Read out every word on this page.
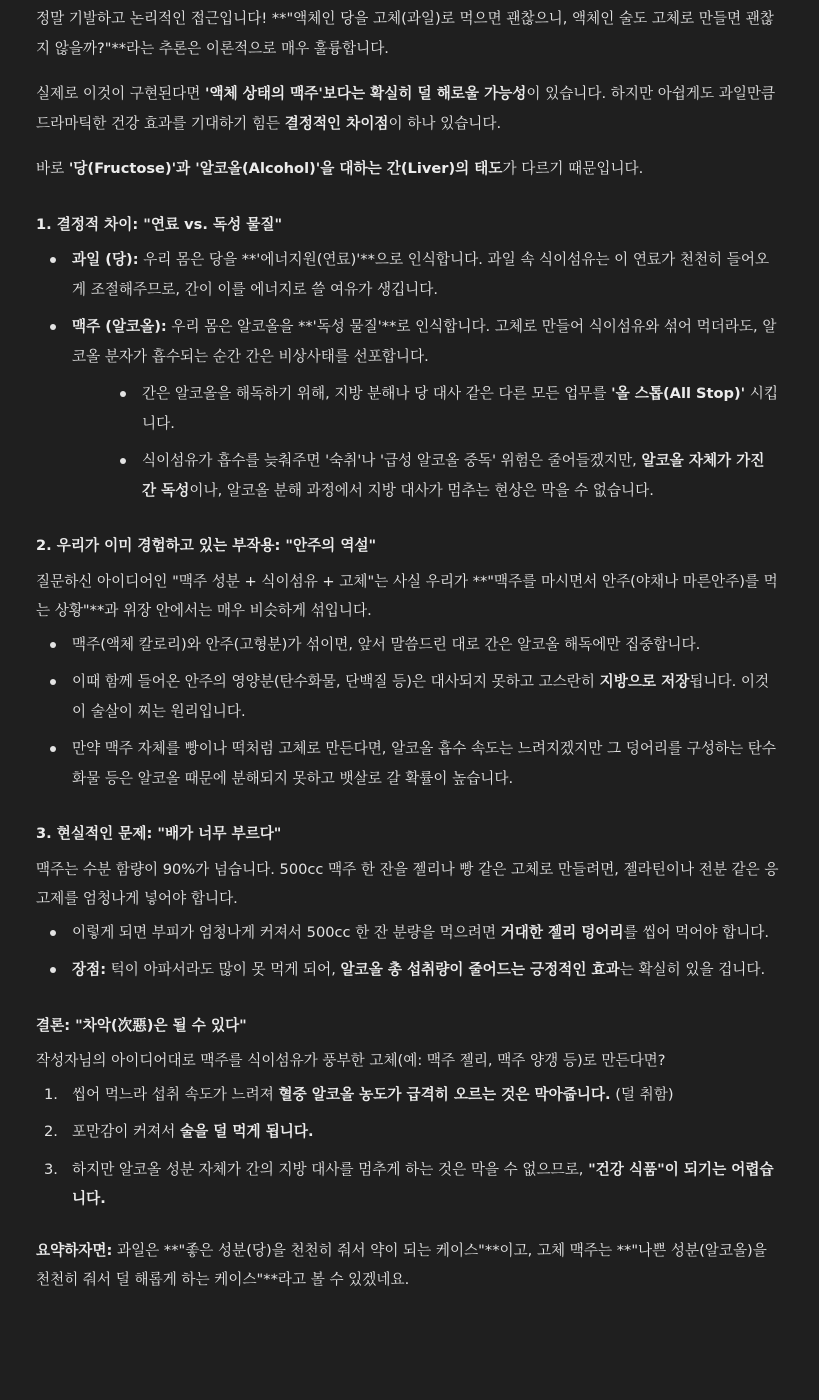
정말 기발하고 논리적인 접근입니다! **"액체인 당을 고체(과일)로 먹으면 괜찮으니, 액체인 술도 고체로 만들면 괜찮지 않을까?"**라는 추론은 이론적으로 매우 훌륭합니다.

실제로 이것이 구현된다면 '액체 상태의 맥주'보다는 확실히 덜 해로울 가능성이 있습니다. 하지만 아쉽게도 과일만큼 드라마틱한 건강 효과를 기대하기 힘든 결정적인 차이점이 하나 있습니다.

바로 '당(Fructose)'과 '알코올(Alcohol)'을 대하는 간(Liver)의 태도가 다르기 때문입니다.

1. 결정적 차이: "연료 vs. 독성 물질"
과일 (당): 우리 몸은 당을 **'에너지원(연료)'**으로 인식합니다. 과일 속 식이섬유는 이 연료가 천천히 들어오게 조절해주므로, 간이 이를 에너지로 쓸 여유가 생깁니다.
맥주 (알코올): 우리 몸은 알코올을 **'독성 물질'**로 인식합니다. 고체로 만들어 식이섬유와 섞어 먹더라도, 알코올 분자가 흡수되는 순간 간은 비상사태를 선포합니다.
간은 알코올을 해독하기 위해, 지방 분해나 당 대사 같은 다른 모든 업무를 '올 스톱(All Stop)' 시킵니다.
식이섬유가 흡수를 늦춰주면 '숙취'나 '급성 알코올 중독' 위험은 줄어들겠지만, 알코올 자체가 가진 간 독성이나, 알코올 분해 과정에서 지방 대사가 멈추는 현상은 막을 수 없습니다.
2. 우리가 이미 경험하고 있는 부작용: "안주의 역설"

질문하신 아이디어인 "맥주 성분 + 식이섬유 + 고체"는 사실 우리가 **"맥주를 마시면서 안주(야채나 마른안주)를 먹는 상황"**과 위장 안에서는 매우 비슷하게 섞입니다.

맥주(액체 칼로리)와 안주(고형분)가 섞이면, 앞서 말씀드린 대로 간은 알코올 해독에만 집중합니다.
이때 함께 들어온 안주의 영양분(탄수화물, 단백질 등)은 대사되지 못하고 고스란히 지방으로 저장됩니다. 이것이 술살이 찌는 원리입니다.
만약 맥주 자체를 빵이나 떡처럼 고체로 만든다면, 알코올 흡수 속도는 느려지겠지만 그 덩어리를 구성하는 탄수화물 등은 알코올 때문에 분해되지 못하고 뱃살로 갈 확률이 높습니다.
3. 현실적인 문제: "배가 너무 부르다"

맥주는 수분 함량이 90%가 넘습니다. 500cc 맥주 한 잔을 젤리나 빵 같은 고체로 만들려면, 젤라틴이나 전분 같은 응고제를 엄청나게 넣어야 합니다.

이렇게 되면 부피가 엄청나게 커져서 500cc 한 잔 분량을 먹으려면 거대한 젤리 덩어리를 씹어 먹어야 합니다.
장점: 턱이 아파서라도 많이 못 먹게 되어, 알코올 총 섭취량이 줄어드는 긍정적인 효과는 확실히 있을 겁니다.
결론: "차악(次惡)은 될 수 있다"

작성자님의 아이디어대로 맥주를 식이섬유가 풍부한 고체(예: 맥주 젤리, 맥주 양갱 등)로 만든다면?

1. 씹어 먹느라 섭취 속도가 느려져 혈중 알코올 농도가 급격히 오르는 것은 막아줍니다. (덜 취함)
2. 포만감이 커져서 술을 덜 먹게 됩니다.
3. 하지만 알코올 성분 자체가 간의 지방 대사를 멈추게 하는 것은 막을 수 없으므로, "건강 식품"이 되기는 어렵습니다.

요약하자면: 과일은 **"좋은 성분(당)을 천천히 줘서 약이 되는 케이스"**이고, 고체 맥주는 **"나쁜 성분(알코올)을 천천히 줘서 덜 해롭게 하는 케이스"**라고 볼 수 있겠네요.
